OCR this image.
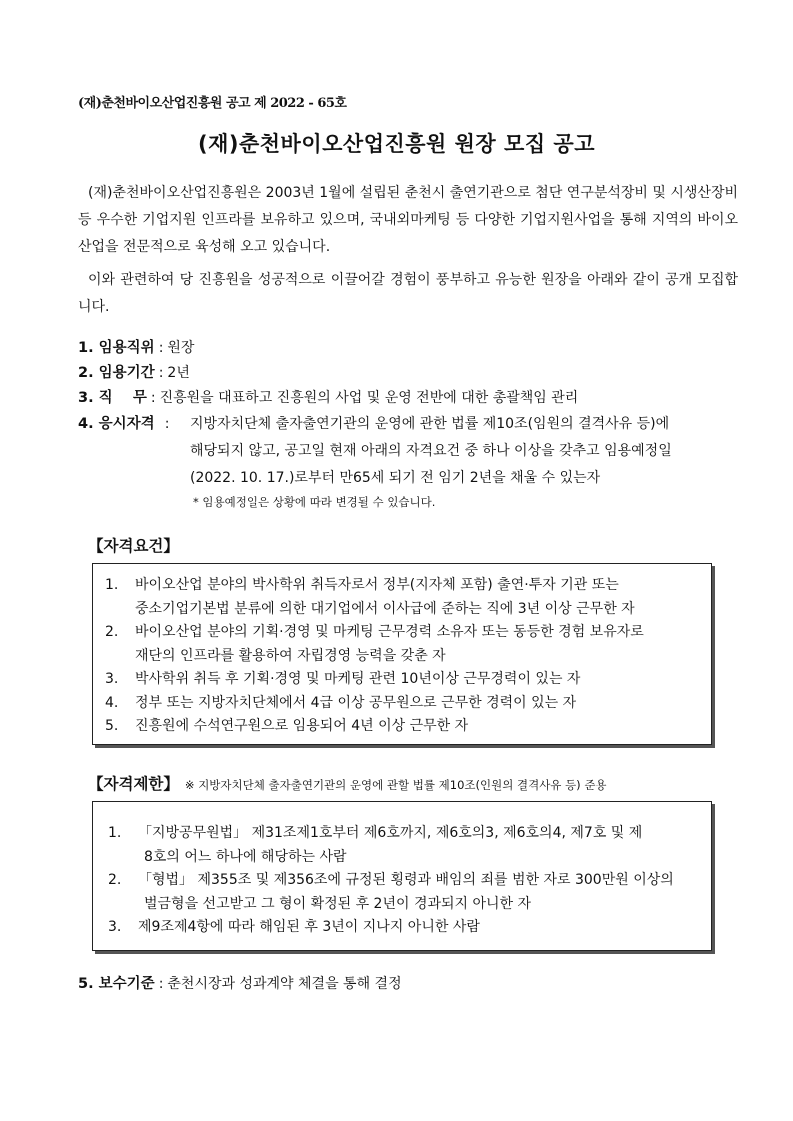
(재)춘천바이오산업진흥원 공고 제 2022 - 65호
(재)춘천바이오산업진흥원 원장 모집 공고
(재)춘천바이오산업진흥원은 2003년 1월에 설립된 춘천시 출연기관으로 첨단 연구분석장비 및 시생산장비 등 우수한 기업지원 인프라를 보유하고 있으며, 국내외마케팅 등 다양한 기업지원사업을 통해 지역의 바이오산업을 전문적으로 육성해 오고 있습니다.
이와 관련하여 당 진흥원을 성공적으로 이끌어갈 경험이 풍부하고 유능한 원장을 아래와 같이 공개 모집합니다.
1. 임용직위 : 원장
2. 임용기간 : 2년
3. 직    무 : 진흥원을 대표하고 진흥원의 사업 및 운영 전반에 대한 총괄책임 관리
4. 응시자격 : 지방자치단체 출자출연기관의 운영에 관한 법률 제10조(임원의 결격사유 등)에
해당되지 않고, 공고일 현재 아래의 자격요건 중 하나 이상을 갖추고 임용예정일
(2022. 10. 17.)로부터 만65세 되기 전 임기 2년을 채울 수 있는자
* 임용예정일은 상황에 따라 변경될 수 있습니다.
【자격요건】
1.	바이오산업 분야의 박사학위 취득자로서 정부(지자체 포함) 출연·투자 기관 또는
중소기업기본법 분류에 의한 대기업에서 이사급에 준하는 직에 3년 이상 근무한 자
2.	바이오산업 분야의 기획·경영 및 마케팅 근무경력 소유자 또는 동등한 경험 보유자로
재단의 인프라를 활용하여 자립경영 능력을 갖춘 자
3.	박사학위 취득 후 기획·경영 및 마케팅 관련 10년이상 근무경력이 있는 자
4.	정부 또는 지방자치단체에서 4급 이상 공무원으로 근무한 경력이 있는 자
5.	진흥원에 수석연구원으로 임용되어 4년 이상 근무한 자
【자격제한】 ※ 지방자치단체 출자출연기관의 운영에 관할 법률 제10조(인원의 결격사유 등) 준용
1.	「지방공무원법」 제31조제1호부터 제6호까지, 제6호의3, 제6호의4, 제7호 및 제
8호의 어느 하나에 해당하는 사람
2.	「형법」 제355조 및 제356조에 규정된 횡령과 배임의 죄를 범한 자로 300만원 이상의
벌금형을 선고받고 그 형이 확정된 후 2년이 경과되지 아니한 자
3.	제9조제4항에 따라 해임된 후 3년이 지나지 아니한 사람
5. 보수기준 : 춘천시장과 성과계약 체결을 통해 결정
